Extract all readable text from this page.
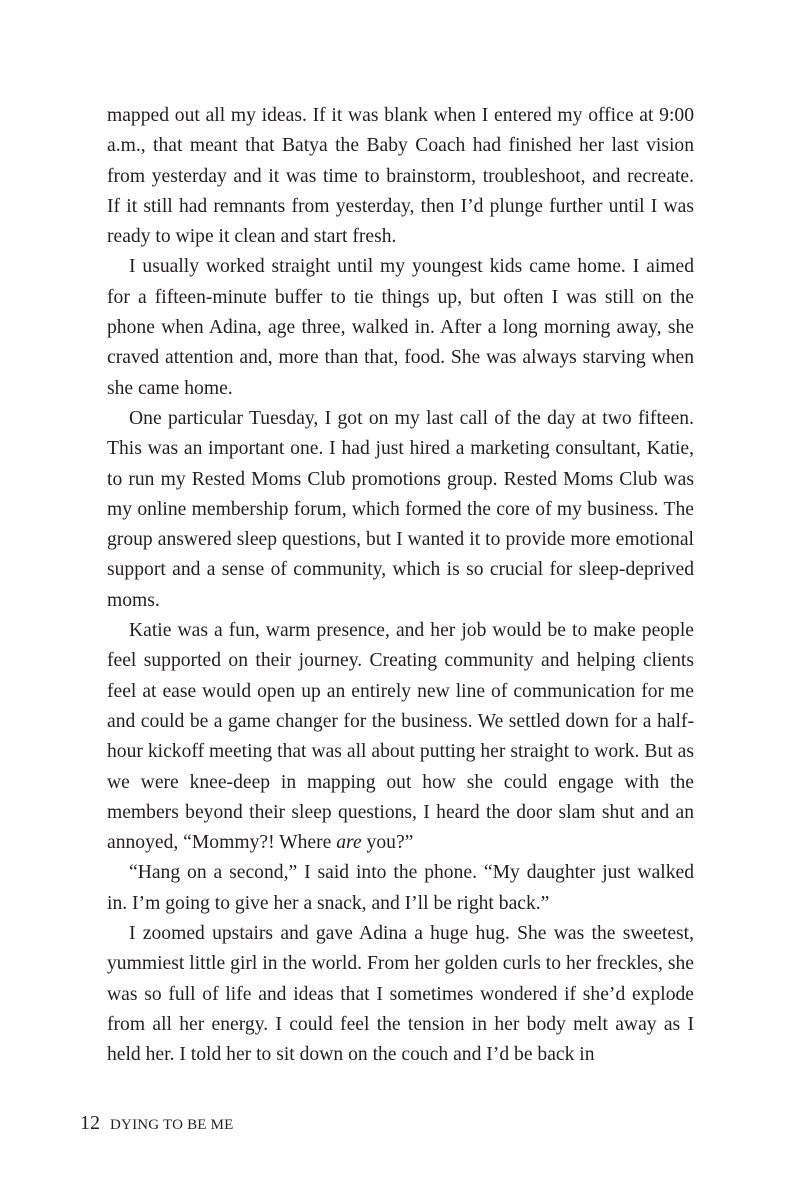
mapped out all my ideas. If it was blank when I entered my office at 9:00 a.m., that meant that Batya the Baby Coach had finished her last vision from yesterday and it was time to brainstorm, troubleshoot, and recreate. If it still had remnants from yesterday, then I’d plunge further until I was ready to wipe it clean and start fresh.

I usually worked straight until my youngest kids came home. I aimed for a fifteen-minute buffer to tie things up, but often I was still on the phone when Adina, age three, walked in. After a long morning away, she craved attention and, more than that, food. She was always starving when she came home.

One particular Tuesday, I got on my last call of the day at two fifteen. This was an important one. I had just hired a marketing consultant, Katie, to run my Rested Moms Club promotions group. Rested Moms Club was my online membership forum, which formed the core of my business. The group answered sleep questions, but I wanted it to provide more emotional support and a sense of community, which is so crucial for sleep-deprived moms.

Katie was a fun, warm presence, and her job would be to make people feel supported on their journey. Creating community and helping clients feel at ease would open up an entirely new line of communication for me and could be a game changer for the business. We settled down for a half-hour kickoff meeting that was all about putting her straight to work. But as we were knee-deep in mapping out how she could engage with the members beyond their sleep questions, I heard the door slam shut and an annoyed, “Mommy?! Where are you?”

“Hang on a second,” I said into the phone. “My daughter just walked in. I’m going to give her a snack, and I’ll be right back.”

I zoomed upstairs and gave Adina a huge hug. She was the sweetest, yummiest little girl in the world. From her golden curls to her freckles, she was so full of life and ideas that I sometimes wondered if she’d explode from all her energy. I could feel the tension in her body melt away as I held her. I told her to sit down on the couch and I’d be back in

12 DYING TO BE ME
